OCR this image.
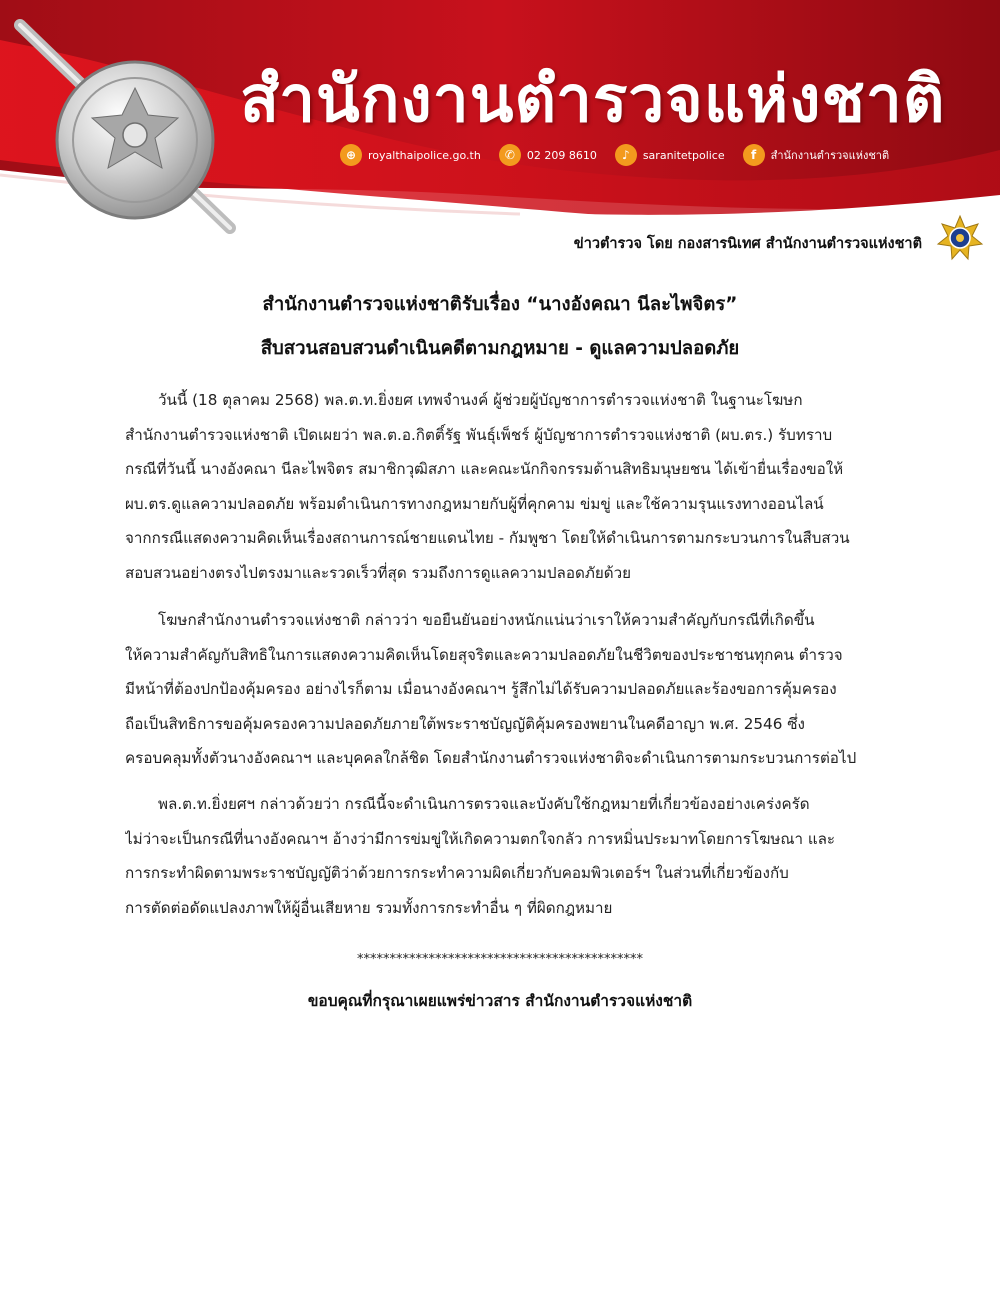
สำนักงานตำรวจแห่งชาติ
⊕	royalthaipolice.go.th	✆	02 209 8610	♪	saranitetpolice	f	สำนักงานตำรวจแห่งชาติ
ข่าวตำรวจ โดย กองสารนิเทศ สำนักงานตำรวจแห่งชาติ
สำนักงานตำรวจแห่งชาติรับเรื่อง “นางอังคณา นีละไพจิตร”
สืบสวนสอบสวนดำเนินคดีตามกฎหมาย - ดูแลความปลอดภัย
วันนี้ (18 ตุลาคม 2568) พล.ต.ท.ยิ่งยศ เทพจำนงค์ ผู้ช่วยผู้บัญชาการตำรวจแห่งชาติ ในฐานะโฆษก
สำนักงานตำรวจแห่งชาติ เปิดเผยว่า พล.ต.อ.กิตติ์รัฐ พันธุ์เพ็ชร์ ผู้บัญชาการตำรวจแห่งชาติ (ผบ.ตร.) รับทราบ
กรณีที่วันนี้ นางอังคณา นีละไพจิตร สมาชิกวุฒิสภา และคณะนักกิจกรรมด้านสิทธิมนุษยชน ได้เข้ายื่นเรื่องขอให้
ผบ.ตร.ดูแลความปลอดภัย พร้อมดำเนินการทางกฎหมายกับผู้ที่คุกคาม ข่มขู่ และใช้ความรุนแรงทางออนไลน์
จากกรณีแสดงความคิดเห็นเรื่องสถานการณ์ชายแดนไทย - กัมพูชา โดยให้ดำเนินการตามกระบวนการในสืบสวน
สอบสวนอย่างตรงไปตรงมาและรวดเร็วที่สุด รวมถึงการดูแลความปลอดภัยด้วย
โฆษกสำนักงานตำรวจแห่งชาติ กล่าวว่า ขอยืนยันอย่างหนักแน่นว่าเราให้ความสำคัญกับกรณีที่เกิดขึ้น
ให้ความสำคัญกับสิทธิในการแสดงความคิดเห็นโดยสุจริตและความปลอดภัยในชีวิตของประชาชนทุกคน ตำรวจ
มีหน้าที่ต้องปกป้องคุ้มครอง อย่างไรก็ตาม เมื่อนางอังคณาฯ รู้สึกไม่ได้รับความปลอดภัยและร้องขอการคุ้มครอง
ถือเป็นสิทธิการขอคุ้มครองความปลอดภัยภายใต้พระราชบัญญัติคุ้มครองพยานในคดีอาญา พ.ศ. 2546 ซึ่ง
ครอบคลุมทั้งตัวนางอังคณาฯ และบุคคลใกล้ชิด โดยสำนักงานตำรวจแห่งชาติจะดำเนินการตามกระบวนการต่อไป
พล.ต.ท.ยิ่งยศฯ กล่าวด้วยว่า กรณีนี้จะดำเนินการตรวจและบังคับใช้กฎหมายที่เกี่ยวข้องอย่างเคร่งครัด
ไม่ว่าจะเป็นกรณีที่นางอังคณาฯ อ้างว่ามีการข่มขู่ให้เกิดความตกใจกลัว การหมิ่นประมาทโดยการโฆษณา และ
การกระทำผิดตามพระราชบัญญัติว่าด้วยการกระทำความผิดเกี่ยวกับคอมพิวเตอร์ฯ ในส่วนที่เกี่ยวข้องกับ
การตัดต่อดัดแปลงภาพให้ผู้อื่นเสียหาย รวมทั้งการกระทำอื่น ๆ ที่ผิดกฎหมาย
********************************************
ขอบคุณที่กรุณาเผยแพร่ข่าวสาร สำนักงานตำรวจแห่งชาติ
